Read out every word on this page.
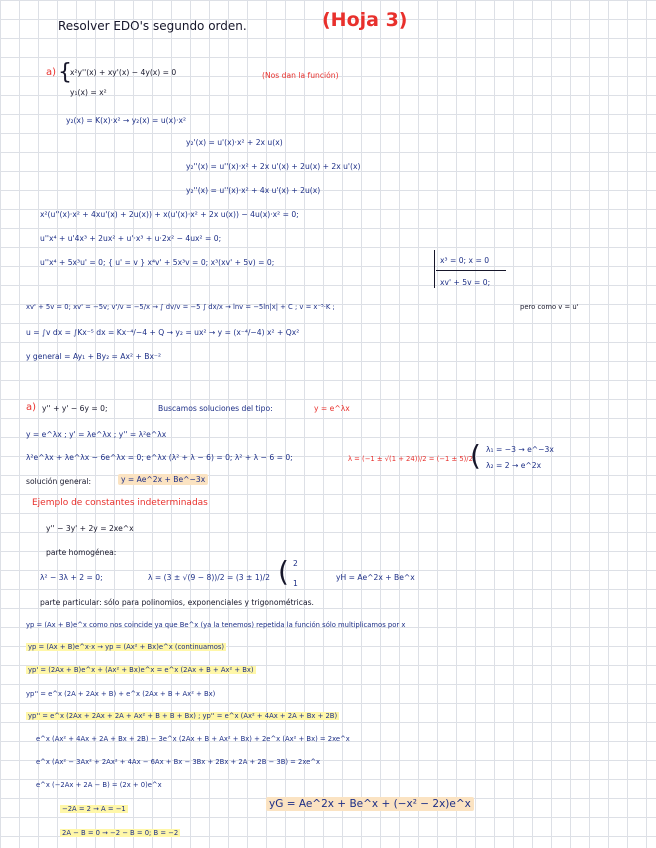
Resolver EDO's segundo orden.	(Hoja 3)
a) {
x²y''(x) + xy'(x) − 4y(x) = 0
y₁(x) = x²
(Nos dan la función)
y₂(x) = K(x)·x² → y₂(x) = u(x)·x²
y₂'(x) = u'(x)·x² + 2x u(x)
y₂''(x) = u''(x)·x² + 2x u'(x) + 2u(x) + 2x u'(x)
y₂''(x) = u''(x)·x² + 4x u'(x) + 2u(x)
x²(u''(x)·x² + 4xu'(x) + 2u(x)) + x(u'(x)·x² + 2x u(x)) − 4u(x)·x² = 0;
u''x⁴ + u'4x³ + 2ux² + u'·x³ + u·2x² − 4ux² = 0;
u''x⁴ + 5x³u' = 0; { u' = v } x⁴v' + 5x³v = 0; x³(xv' + 5v) = 0;	x³ = 0; x = 0
xv' + 5v = 0;
xv' + 5v = 0; xv' = −5v; v'/v = −5/x → ∫ dv/v = −5 ∫ dx/x → lnv = −5ln|x| + C ; v = x⁻⁵·K ;	pero como v = u'
u = ∫v dx = ∫Kx⁻⁵ dx = Kx⁻⁴/−4 + Q → y₂ = ux² → y = (x⁻⁴/−4) x² + Qx²
y general = Ay₁ + By₂ = Ax² + Bx⁻²
a) y'' + y' − 6y = 0;	Buscamos soluciones del tipo:	y = e^λx
y = e^λx ; y' = λe^λx ; y'' = λ²e^λx
λ²e^λx + λe^λx − 6e^λx = 0; e^λx (λ² + λ − 6) = 0; λ² + λ − 6 = 0;	λ = (−1 ± √(1 + 24))/2 = (−1 ± 5)/2
( λ₁ = −3 → e^−3x
λ₂ = 2 → e^2x
solución general:	y = Ae^2x + Be^−3x
Ejemplo de constantes indeterminadas
y'' − 3y' + 2y = 2xe^x
parte homogénea:
λ² − 3λ + 2 = 0;	λ = (3 ± √(9 − 8))/2 = (3 ± 1)/2 ( 2
1
yH = Ae^2x + Be^x
parte particular: sólo para polinomios, exponenciales y trigonométricas.
yp = (Ax + B)e^x como nos coincide ya que Be^x (ya la tenemos) repetida la función sólo multiplicamos por x
yp = (Ax + B)e^x·x → yp = (Ax² + Bx)e^x (continuamos)
yp' = (2Ax + B)e^x + (Ax² + Bx)e^x = e^x (2Ax + B + Ax² + Bx)
yp'' = e^x (2A + 2Ax + B) + e^x (2Ax + B + Ax² + Bx)
yp'' = e^x (2Ax + 2Ax + 2A + Ax² + B + B + Bx) ; yp'' = e^x (Ax² + 4Ax + 2A + Bx + 2B)
e^x (Ax² + 4Ax + 2A + Bx + 2B) − 3e^x (2Ax + B + Ax² + Bx) + 2e^x (Ax² + Bx) = 2xe^x
e^x (Ax² − 3Ax² + 2Ax² + 4Ax − 6Ax + Bx − 3Bx + 2Bx + 2A + 2B − 3B) = 2xe^x
e^x (−2Ax + 2A − B) = (2x + 0)e^x
−2A = 2 → A = −1
2A − B = 0 → −2 − B = 0; B = −2
yG = Ae^2x + Be^x + (−x² − 2x)e^x
